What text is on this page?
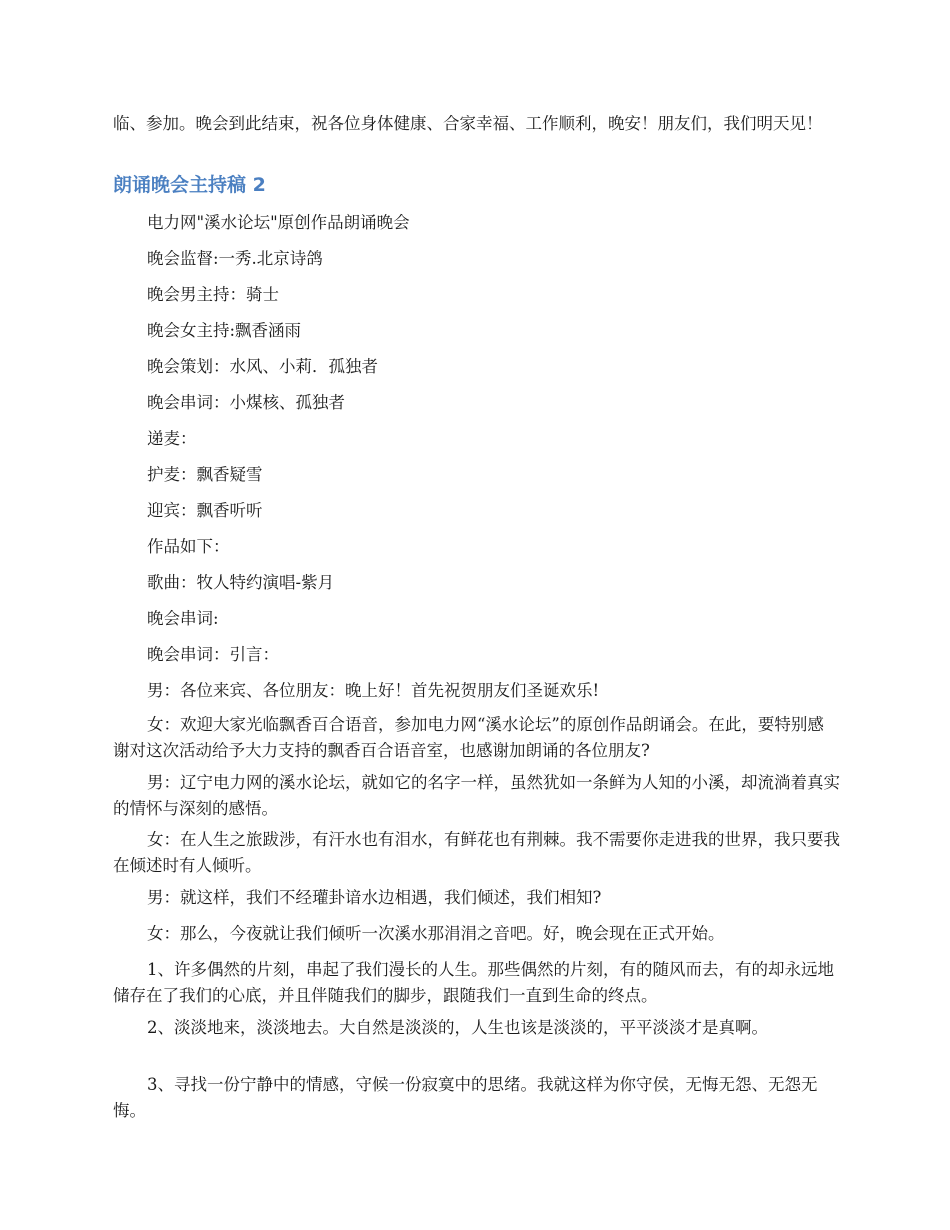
临、参加。晚会到此结束，祝各位身体健康、合家幸福、工作顺利，晚安！朋友们，我们明天见！

朗诵晚会主持稿 2

电力网"溪水论坛"原创作品朗诵晚会

晚会监督:一秀.北京诗鸽

晚会男主持：骑士

晚会女主持:飘香涵雨

晚会策划：水风、小莉．孤独者

晚会串词：小煤核、孤独者

递麦：

护麦：飘香疑雪

迎宾：飘香听听

作品如下：

歌曲：牧人特约演唱-紫月

晚会串词:

晚会串词：引言：

男：各位来宾、各位朋友：晚上好！首先祝贺朋友们圣诞欢乐!

女：欢迎大家光临飘香百合语音，参加电力网“溪水论坛”的原创作品朗诵会。在此，要特别感谢对这次活动给予大力支持的飘香百合语音室，也感谢加朗诵的各位朋友?

男：辽宁电力网的溪水论坛，就如它的名字一样，虽然犹如一条鲜为人知的小溪，却流淌着真实的情怀与深刻的感悟。

女：在人生之旅跋涉，有汗水也有泪水，有鲜花也有荆棘。我不需要你走进我的世界，我只要我在倾述时有人倾听。

男：就这样，我们不经瓘卦谙水边相遇，我们倾述，我们相知?

女：那么，今夜就让我们倾听一次溪水那涓涓之音吧。好，晚会现在正式开始。

1、许多偶然的片刻，串起了我们漫长的人生。那些偶然的片刻，有的随风而去，有的却永远地储存在了我们的心底，并且伴随我们的脚步，跟随我们一直到生命的终点。

2、淡淡地来，淡淡地去。大自然是淡淡的，人生也该是淡淡的，平平淡淡才是真啊。

3、寻找一份宁静中的情感，守候一份寂寞中的思绪。我就这样为你守侯，无悔无怨、无怨无悔。
